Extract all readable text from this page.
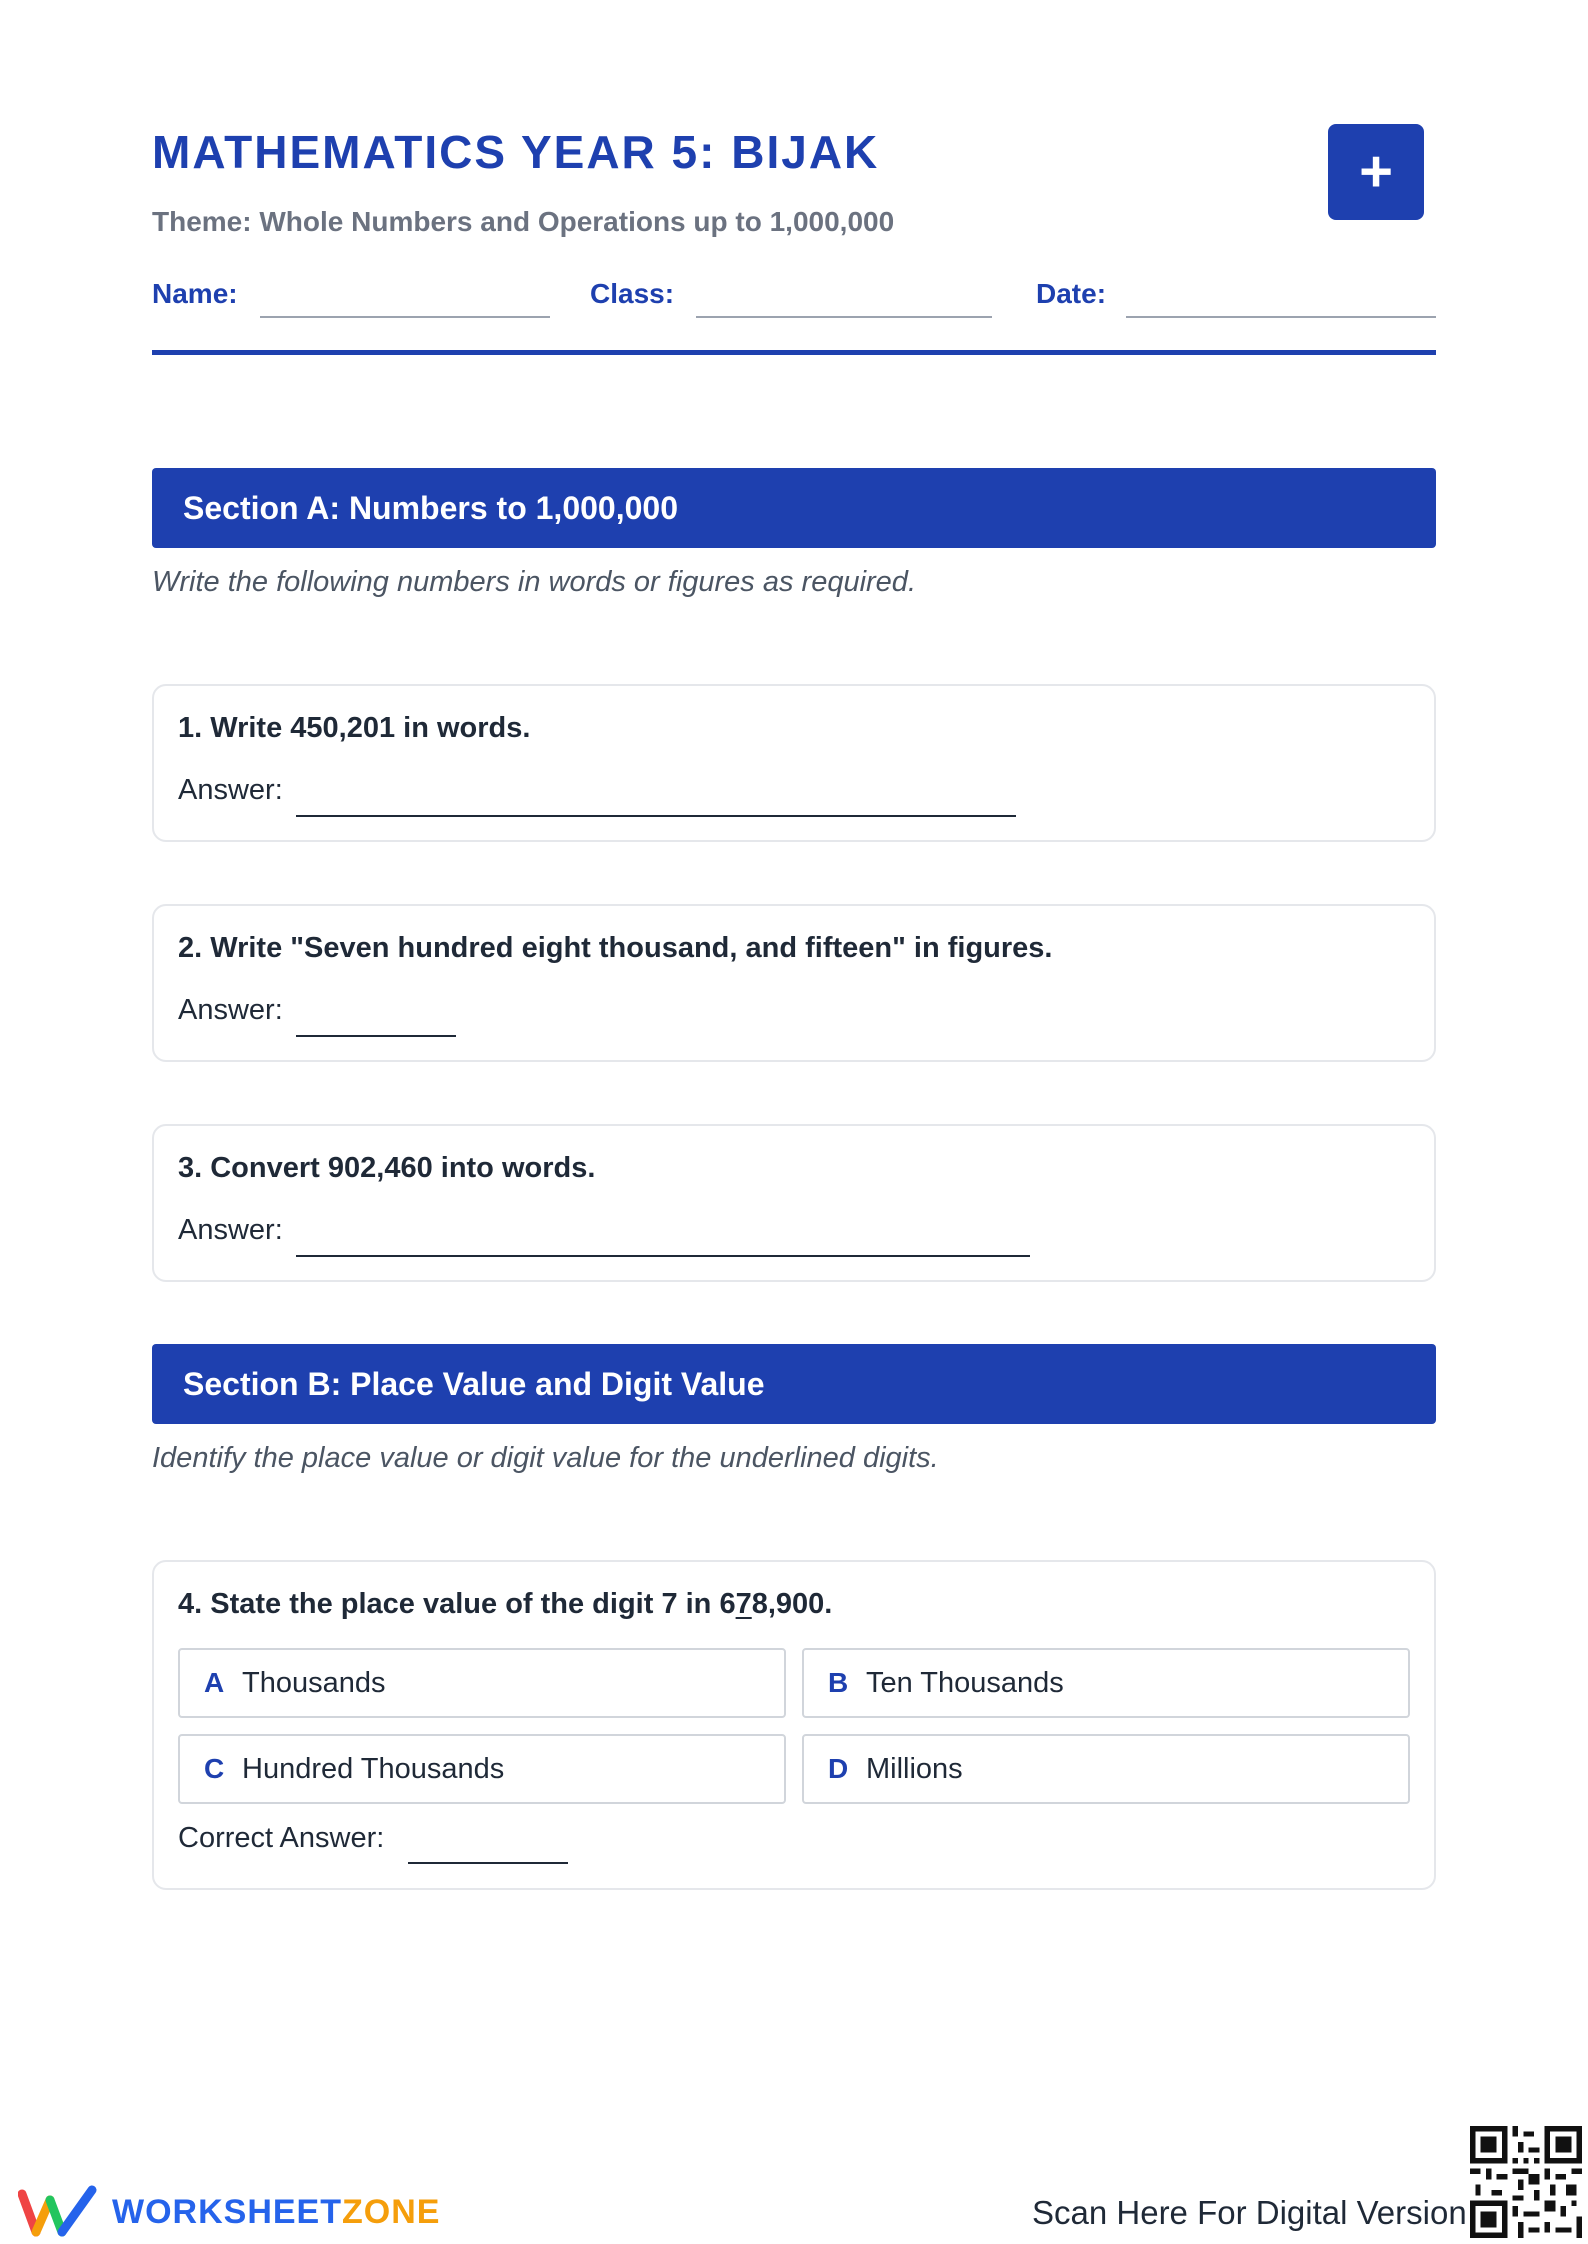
MATHEMATICS YEAR 5: BIJAK
Theme: Whole Numbers and Operations up to 1,000,000
+
Name:	Class:	Date:
Section A: Numbers to 1,000,000
Write the following numbers in words or figures as required.
1. Write 450,201 in words.
Answer:
2. Write "Seven hundred eight thousand, and fifteen" in figures.
Answer:
3. Convert 902,460 into words.
Answer:
Section B: Place Value and Digit Value
Identify the place value or digit value for the underlined digits.
4. State the place value of the digit 7 in 678,900.
A Thousands	B Ten Thousands
C Hundred Thousands	D Millions
Correct Answer:
WORKSHEETZONE	Scan Here For Digital Version
